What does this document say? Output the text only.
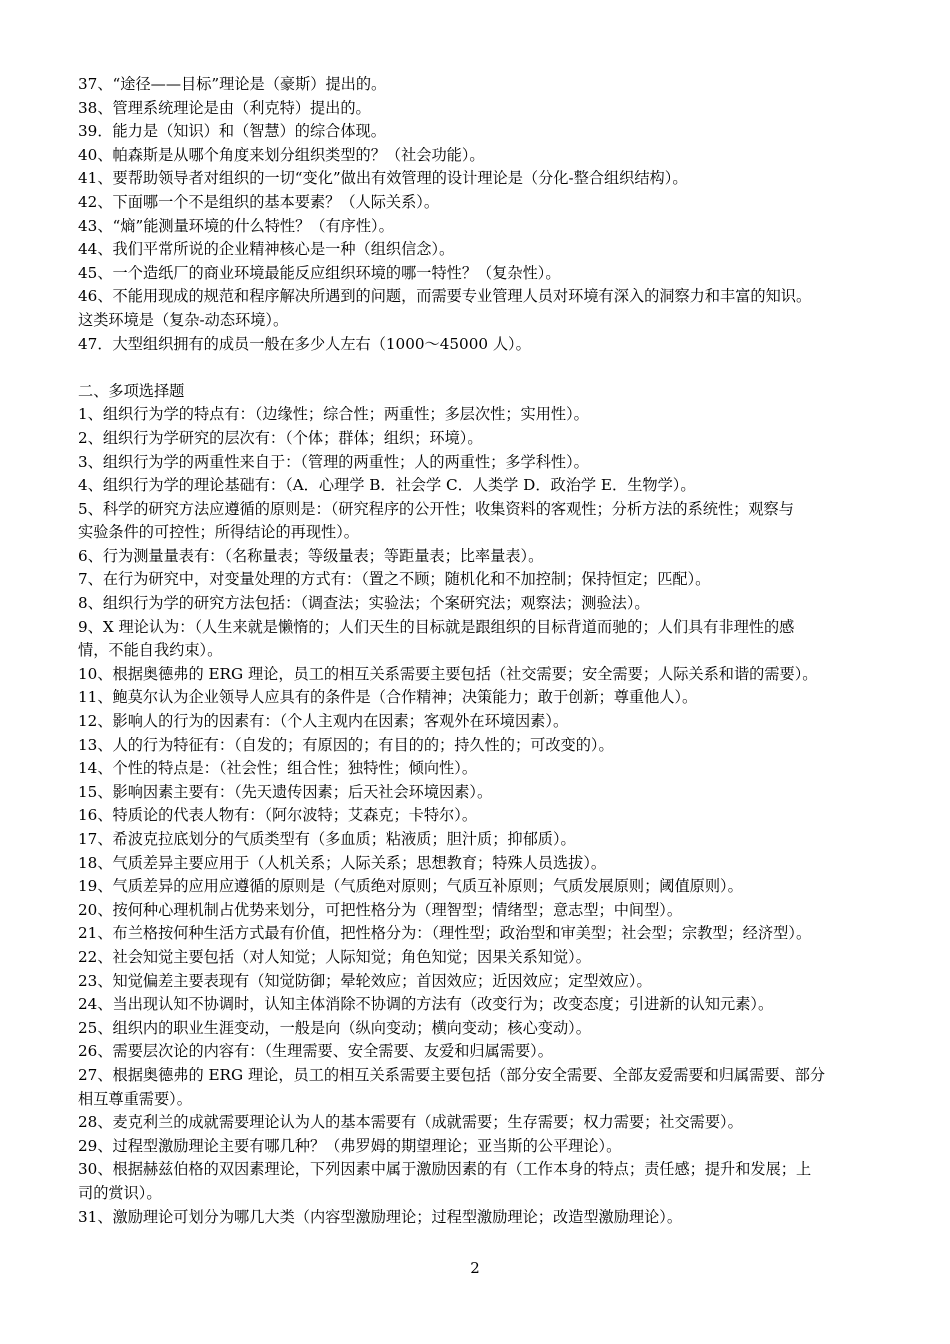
37、“途径——目标”理论是（豪斯）提出的。
38、管理系统理论是由（利克特）提出的。
39．能力是（知识）和（智慧）的综合体现。
40、帕森斯是从哪个角度来划分组织类型的？（社会功能）。
41、要帮助领导者对组织的一切“变化”做出有效管理的设计理论是（分化-整合组织结构）。
42、下面哪一个不是组织的基本要素？（人际关系）。
43、“熵”能测量环境的什么特性？（有序性）。
44、我们平常所说的企业精神核心是一种（组织信念）。
45、一个造纸厂的商业环境最能反应组织环境的哪一特性？（复杂性）。
46、不能用现成的规范和程序解决所遇到的问题，而需要专业管理人员对环境有深入的洞察力和丰富的知识。
这类环境是（复杂-动态环境）。
47．大型组织拥有的成员一般在多少人左右（1000～45000 人）。
二、多项选择题
1、组织行为学的特点有：（边缘性；综合性；两重性；多层次性；实用性）。
2、组织行为学研究的层次有：（个体；群体；组织；环境）。
3、组织行为学的两重性来自于：（管理的两重性；人的两重性；多学科性）。
4、组织行为学的理论基础有：（A．心理学 B．社会学 C．人类学 D．政治学 E．生物学）。
5、科学的研究方法应遵循的原则是：（研究程序的公开性；收集资料的客观性；分析方法的系统性；观察与
实验条件的可控性；所得结论的再现性）。
6、行为测量量表有：（名称量表；等级量表；等距量表；比率量表）。
7、在行为研究中，对变量处理的方式有：（置之不顾；随机化和不加控制；保持恒定；匹配）。
8、组织行为学的研究方法包括：（调查法；实验法；个案研究法；观察法；测验法）。
9、X 理论认为：（人生来就是懒惰的；人们天生的目标就是跟组织的目标背道而驰的；人们具有非理性的感
情，不能自我约束）。
10、根据奥德弗的 ERG 理论，员工的相互关系需要主要包括（社交需要；安全需要；人际关系和谐的需要）。
11、鲍莫尔认为企业领导人应具有的条件是（合作精神；决策能力；敢于创新；尊重他人）。
12、影响人的行为的因素有：（个人主观内在因素；客观外在环境因素）。
13、人的行为特征有：（自发的；有原因的；有目的的；持久性的；可改变的）。
14、个性的特点是：（社会性；组合性；独特性；倾向性）。
15、影响因素主要有：（先天遗传因素；后天社会环境因素）。
16、特质论的代表人物有：（阿尔波特；艾森克；卡特尔）。
17、希波克拉底划分的气质类型有（多血质；粘液质；胆汁质；抑郁质）。
18、气质差异主要应用于（人机关系；人际关系；思想教育；特殊人员选拔）。
19、气质差异的应用应遵循的原则是（气质绝对原则；气质互补原则；气质发展原则；阈值原则）。
20、按何种心理机制占优势来划分，可把性格分为（理智型；情绪型；意志型；中间型）。
21、布兰格按何种生活方式最有价值，把性格分为：（理性型；政治型和审美型；社会型；宗教型；经济型）。
22、社会知觉主要包括（对人知觉；人际知觉；角色知觉；因果关系知觉）。
23、知觉偏差主要表现有（知觉防御；晕轮效应；首因效应；近因效应；定型效应）。
24、当出现认知不协调时，认知主体消除不协调的方法有（改变行为；改变态度；引进新的认知元素）。
25、组织内的职业生涯变动，一般是向（纵向变动；横向变动；核心变动）。
26、需要层次论的内容有：（生理需要、安全需要、友爱和归属需要）。
27、根据奥德弗的 ERG 理论，员工的相互关系需要主要包括（部分安全需要、全部友爱需要和归属需要、部分
相互尊重需要）。
28、麦克利兰的成就需要理论认为人的基本需要有（成就需要；生存需要；权力需要；社交需要）。
29、过程型激励理论主要有哪几种？（弗罗姆的期望理论；亚当斯的公平理论）。
30、根据赫兹伯格的双因素理论，下列因素中属于激励因素的有（工作本身的特点；责任感；提升和发展；上
司的赏识）。
31、激励理论可划分为哪几大类（内容型激励理论；过程型激励理论；改造型激励理论）。
2
